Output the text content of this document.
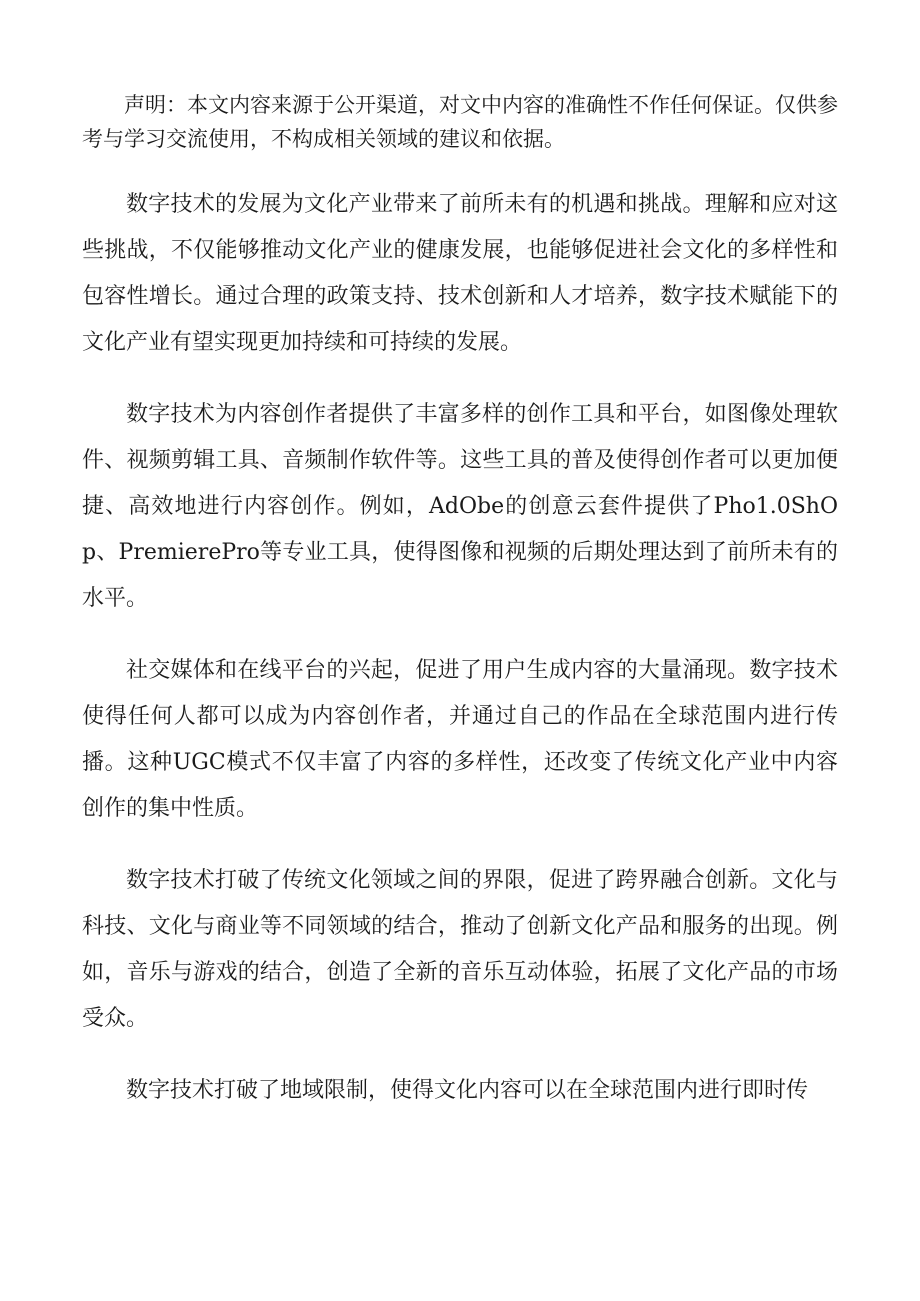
声明：本文内容来源于公开渠道，对文中内容的准确性不作任何保证。仅供参考与学习交流使用，不构成相关领域的建议和依据。

数字技术的发展为文化产业带来了前所未有的机遇和挑战。理解和应对这些挑战，不仅能够推动文化产业的健康发展，也能够促进社会文化的多样性和包容性增长。通过合理的政策支持、技术创新和人才培养，数字技术赋能下的文化产业有望实现更加持续和可持续的发展。

数字技术为内容创作者提供了丰富多样的创作工具和平台，如图像处理软件、视频剪辑工具、音频制作软件等。这些工具的普及使得创作者可以更加便捷、高效地进行内容创作。例如，AdObe的创意云套件提供了Pho1.0ShOp、PremierePro等专业工具，使得图像和视频的后期处理达到了前所未有的水平。

社交媒体和在线平台的兴起，促进了用户生成内容的大量涌现。数字技术使得任何人都可以成为内容创作者，并通过自己的作品在全球范围内进行传播。这种UGC模式不仅丰富了内容的多样性，还改变了传统文化产业中内容创作的集中性质。

数字技术打破了传统文化领域之间的界限，促进了跨界融合创新。文化与科技、文化与商业等不同领域的结合，推动了创新文化产品和服务的出现。例如，音乐与游戏的结合，创造了全新的音乐互动体验，拓展了文化产品的市场受众。

数字技术打破了地域限制，使得文化内容可以在全球范围内进行即时传
